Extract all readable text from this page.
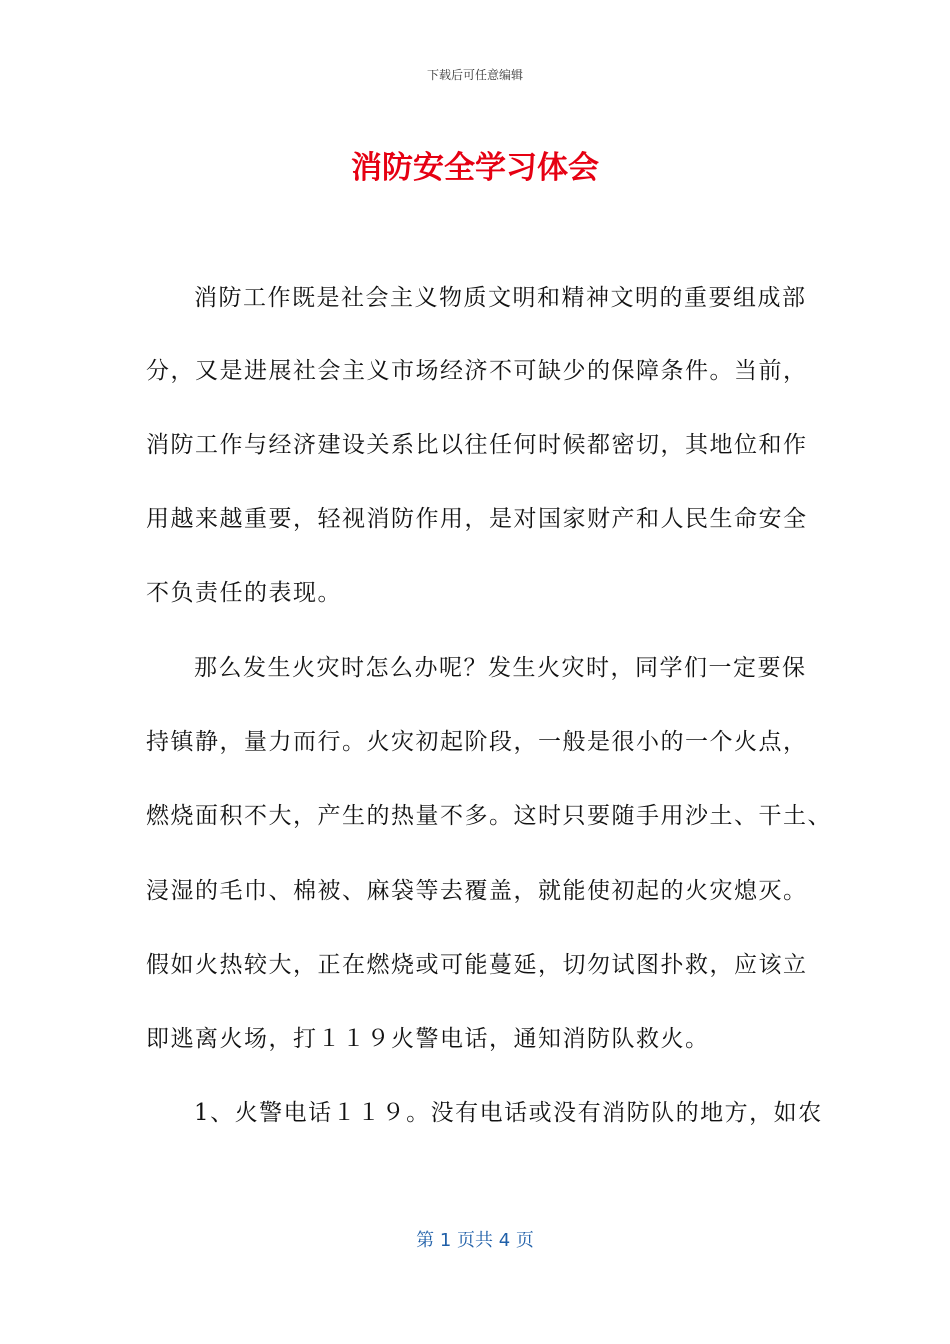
下载后可任意编辑
消防安全学习体会
消防工作既是社会主义物质文明和精神文明的重要组成部
分，又是进展社会主义市场经济不可缺少的保障条件。当前，
消防工作与经济建设关系比以往任何时候都密切，其地位和作
用越来越重要，轻视消防作用，是对国家财产和人民生命安全
不负责任的表现。
那么发生火灾时怎么办呢？发生火灾时，同学们一定要保
持镇静，量力而行。火灾初起阶段，一般是很小的一个火点，
燃烧面积不大，产生的热量不多。这时只要随手用沙土、干土、
浸湿的毛巾、棉被、麻袋等去覆盖，就能使初起的火灾熄灭。
假如火热较大，正在燃烧或可能蔓延，切勿试图扑救，应该立
即逃离火场，打１１９火警电话，通知消防队救火。
1、火警电话１１９。没有电话或没有消防队的地方，如农
第 1 页共 4 页
